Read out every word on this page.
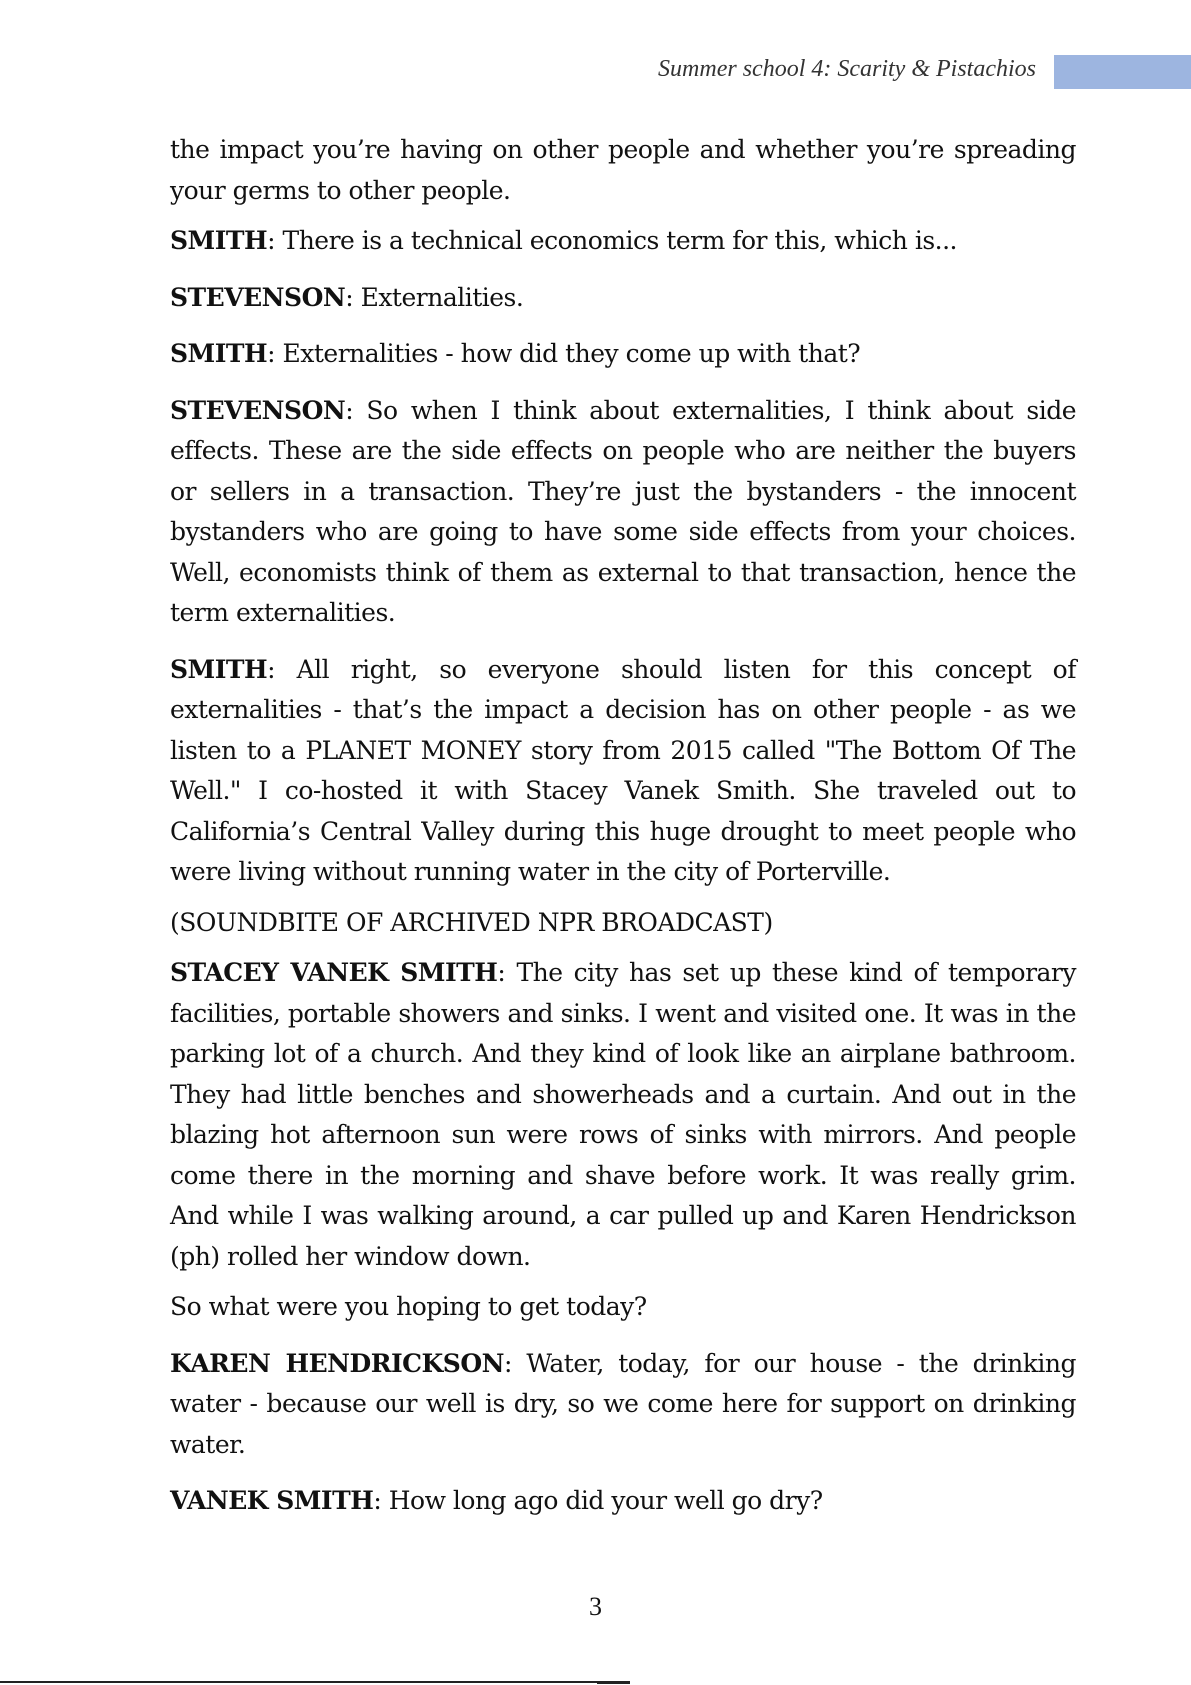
Summer school 4: Scarity & Pistachios

the impact you’re having on other people and whether you’re spreading your germs to other people.

SMITH: There is a technical economics term for this, which is...

STEVENSON: Externalities.

SMITH: Externalities - how did they come up with that?

STEVENSON: So when I think about externalities, I think about side effects. These are the side effects on people who are neither the buyers or sellers in a transaction. They’re just the bystanders - the innocent bystanders who are going to have some side effects from your choices. Well, economists think of them as external to that transaction, hence the term externalities.

SMITH: All right, so everyone should listen for this concept of externalities - that’s the impact a decision has on other people - as we listen to a PLANET MONEY story from 2015 called "The Bottom Of The Well." I co-hosted it with Stacey Vanek Smith. She traveled out to California’s Central Valley during this huge drought to meet people who were living without running water in the city of Porterville.

(SOUNDBITE OF ARCHIVED NPR BROADCAST)

STACEY VANEK SMITH: The city has set up these kind of temporary facilities, portable showers and sinks. I went and visited one. It was in the parking lot of a church. And they kind of look like an airplane bathroom. They had little benches and showerheads and a curtain. And out in the blazing hot afternoon sun were rows of sinks with mirrors. And people come there in the morning and shave before work. It was really grim. And while I was walking around, a car pulled up and Karen Hendrickson (ph) rolled her window down.

So what were you hoping to get today?

KAREN HENDRICKSON: Water, today, for our house - the drinking water - because our well is dry, so we come here for support on drinking water.

VANEK SMITH: How long ago did your well go dry?

3
